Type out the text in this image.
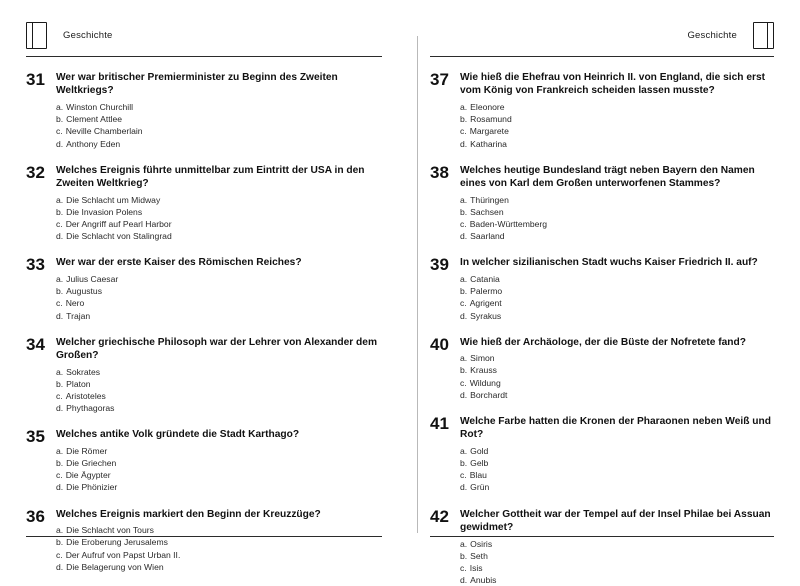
Geschichte
31	Wer war britischer Premierminister zu Beginn des Zweiten Weltkriegs?
a. Winston Churchill
b. Clement Attlee
c. Neville Chamberlain
d. Anthony Eden
32	Welches Ereignis führte unmittelbar zum Eintritt der USA in den Zweiten Weltkrieg?
a. Die Schlacht um Midway
b. Die Invasion Polens
c. Der Angriff auf Pearl Harbor
d. Die Schlacht von Stalingrad
33	Wer war der erste Kaiser des Römischen Reiches?
a. Julius Caesar
b. Augustus
c. Nero
d. Trajan
34	Welcher griechische Philosoph war der Lehrer von Alexander dem Großen?
a. Sokrates
b. Platon
c. Aristoteles
d. Phythagoras
35	Welches antike Volk gründete die Stadt Karthago?
a. Die Römer
b. Die Griechen
c. Die Ägypter
d. Die Phönizier
36	Welches Ereignis markiert den Beginn der Kreuzzüge?
a. Die Schlacht von Tours
b. Die Eroberung Jerusalems
c. Der Aufruf von Papst Urban II.
d. Die Belagerung von Wien
Geschichte
37	Wie hieß die Ehefrau von Heinrich II. von England, die sich erst vom König von Frankreich scheiden lassen musste?
a. Eleonore
b. Rosamund
c. Margarete
d. Katharina
38	Welches heutige Bundesland trägt neben Bayern den Namen eines von Karl dem Großen unterworfenen Stammes?
a. Thüringen
b. Sachsen
c. Baden-Württemberg
d. Saarland
39	In welcher sizilianischen Stadt wuchs Kaiser Friedrich II. auf?
a. Catania
b. Palermo
c. Agrigent
d. Syrakus
40	Wie hieß der Archäologe, der die Büste der Nofretete fand?
a. Simon
b. Krauss
c. Wildung
d. Borchardt
41	Welche Farbe hatten die Kronen der Pharaonen neben Weiß und Rot?
a. Gold
b. Gelb
c. Blau
d. Grün
42	Welcher Gottheit war der Tempel auf der Insel Philae bei Assuan gewidmet?
a. Osiris
b. Seth
c. Isis
d. Anubis
